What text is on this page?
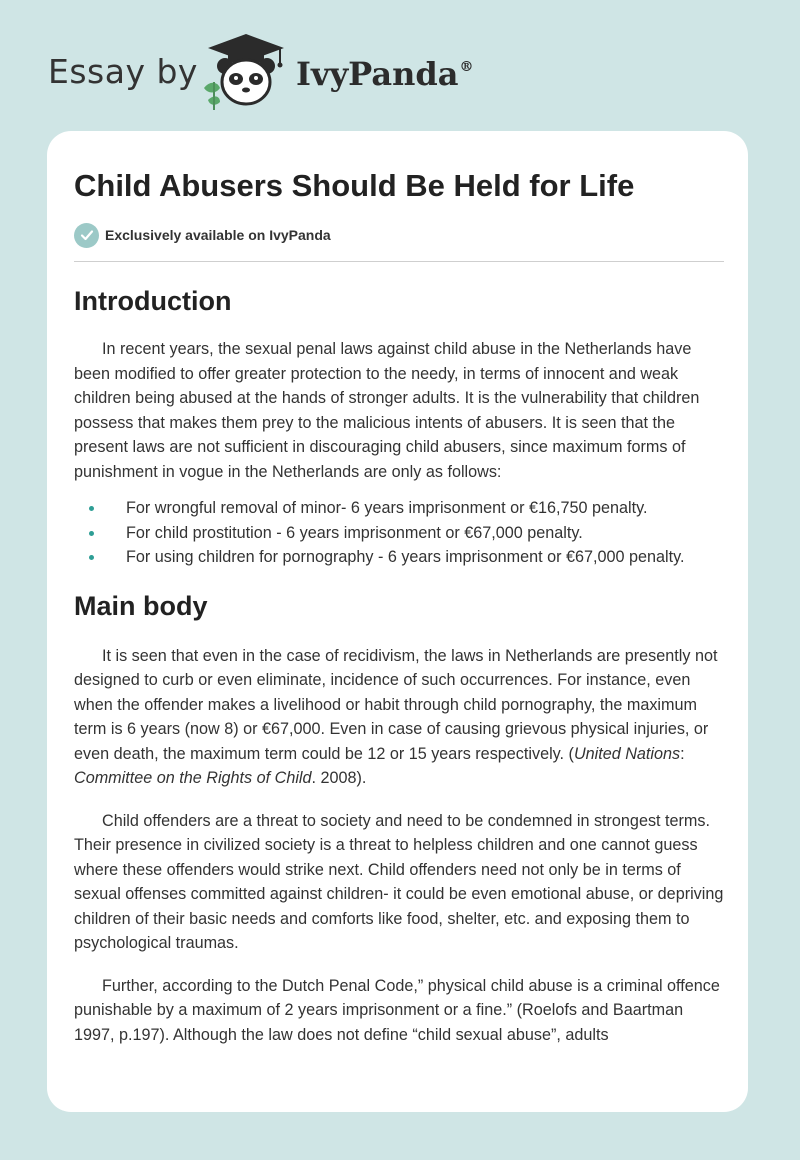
Essay by	IvyPanda®
Child Abusers Should Be Held for Life
Exclusively available on IvyPanda
Introduction

In recent years, the sexual penal laws against child abuse in the Netherlands have been modified to offer greater protection to the needy, in terms of innocent and weak children being abused at the hands of stronger adults. It is the vulnerability that children possess that makes them prey to the malicious intents of abusers. It is seen that the present laws are not sufficient in discouraging child abusers, since maximum forms of punishment in vogue in the Netherlands are only as follows:

For wrongful removal of minor- 6 years imprisonment or €16,750 penalty.
For child prostitution - 6 years imprisonment or €67,000 penalty.
For using children for pornography - 6 years imprisonment or €67,000 penalty.
Main body

It is seen that even in the case of recidivism, the laws in Netherlands are presently not designed to curb or even eliminate, incidence of such occurrences. For instance, even when the offender makes a livelihood or habit through child pornography, the maximum term is 6 years (now 8) or €67,000. Even in case of causing grievous physical injuries, or even death, the maximum term could be 12 or 15 years respectively. (United Nations: Committee on the Rights of Child. 2008).

Child offenders are a threat to society and need to be condemned in strongest terms. Their presence in civilized society is a threat to helpless children and one cannot guess where these offenders would strike next. Child offenders need not only be in terms of sexual offenses committed against children- it could be even emotional abuse, or depriving children of their basic needs and comforts like food, shelter, etc. and exposing them to psychological traumas.

Further, according to the Dutch Penal Code,” physical child abuse is a criminal offence punishable by a maximum of 2 years imprisonment or a fine.” (Roelofs and Baartman 1997, p.197). Although the law does not define “child sexual abuse”, adults
